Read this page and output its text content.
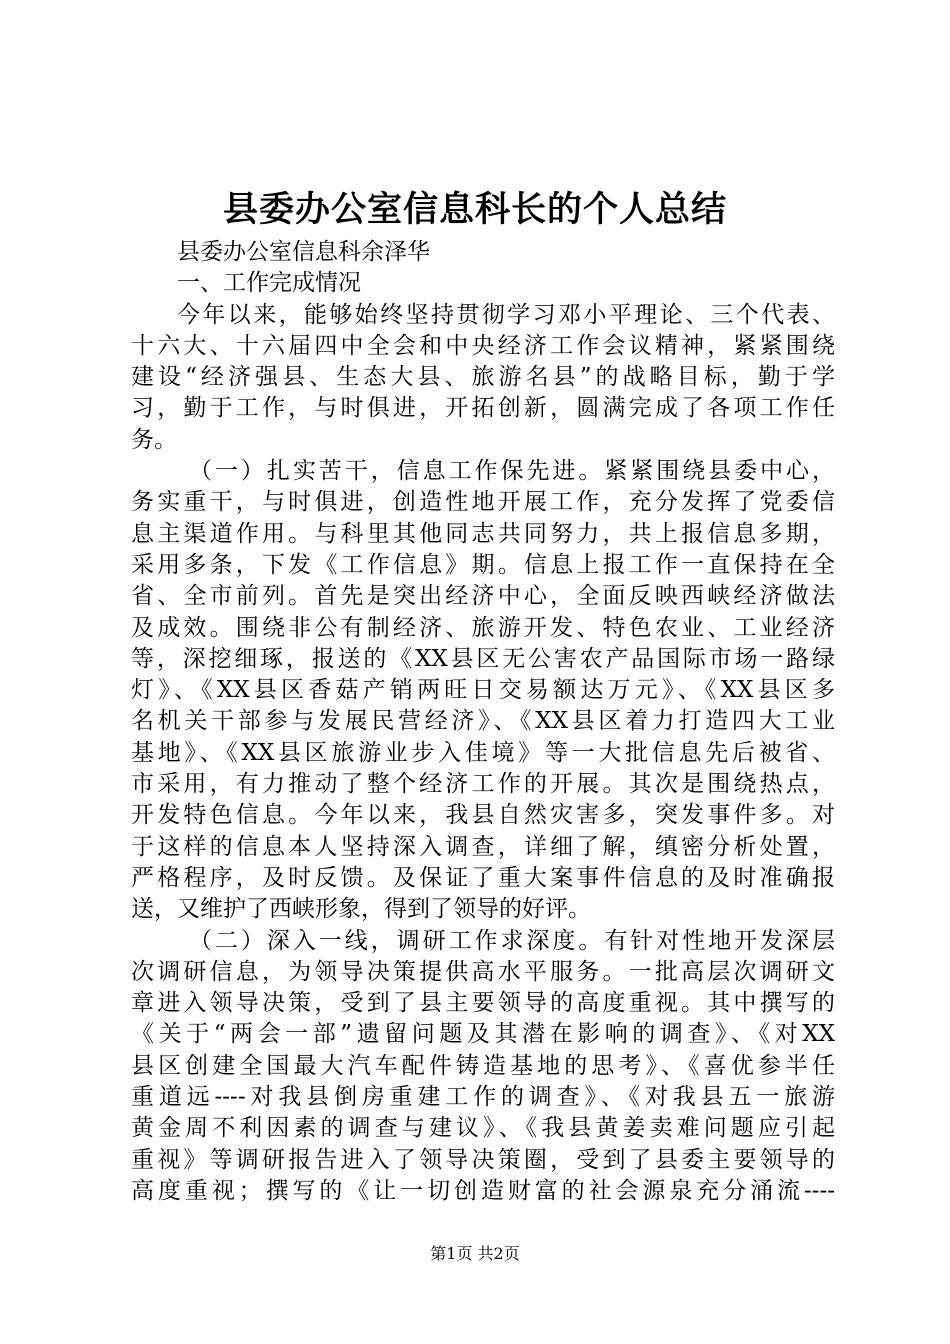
县委办公室信息科长的个人总结
县委办公室信息科余泽华
一、工作完成情况
今年以来，能够始终坚持贯彻学习邓小平理论、三个代表、
十六大、十六届四中全会和中央经济工作会议精神，紧紧围绕
建设“经济强县、生态大县、旅游名县”的战略目标，勤于学
习，勤于工作，与时俱进，开拓创新，圆满完成了各项工作任
务。
（一）扎实苦干，信息工作保先进。紧紧围绕县委中心，
务实重干，与时俱进，创造性地开展工作，充分发挥了党委信
息主渠道作用。与科里其他同志共同努力，共上报信息多期，
采用多条，下发《工作信息》期。信息上报工作一直保持在全
省、全市前列。首先是突出经济中心，全面反映西峡经济做法
及成效。围绕非公有制经济、旅游开发、特色农业、工业经济
等，深挖细琢，报送的《XX县区无公害农产品国际市场一路绿
灯》、《XX县区香菇产销两旺日交易额达万元》、《XX县区多
名机关干部参与发展民营经济》、《XX县区着力打造四大工业
基地》、《XX县区旅游业步入佳境》等一大批信息先后被省、
市采用，有力推动了整个经济工作的开展。其次是围绕热点，
开发特色信息。今年以来，我县自然灾害多，突发事件多。对
于这样的信息本人坚持深入调查，详细了解，缜密分析处置，
严格程序，及时反馈。及保证了重大案事件信息的及时准确报
送，又维护了西峡形象，得到了领导的好评。
（二）深入一线，调研工作求深度。有针对性地开发深层
次调研信息，为领导决策提供高水平服务。一批高层次调研文
章进入领导决策，受到了县主要领导的高度重视。其中撰写的
《关于“两会一部”遗留问题及其潜在影响的调查》、《对XX
县区创建全国最大汽车配件铸造基地的思考》、《喜优参半任
重道远----对我县倒房重建工作的调查》、《对我县五一旅游
黄金周不利因素的调查与建议》、《我县黄姜卖难问题应引起
重视》等调研报告进入了领导决策圈，受到了县委主要领导的
高度重视；撰写的《让一切创造财富的社会源泉充分涌流----
第1页 共2页
